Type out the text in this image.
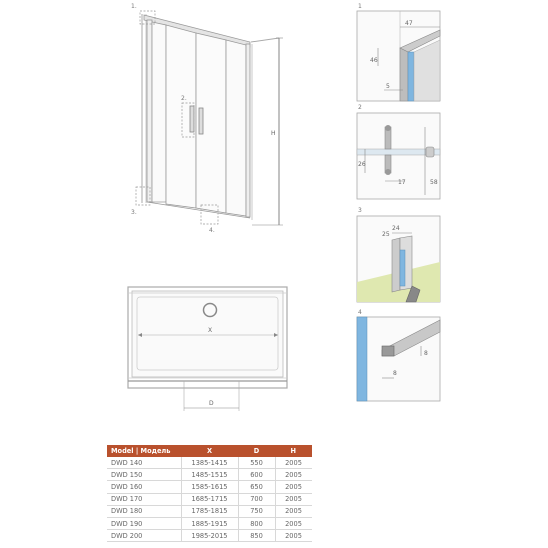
1.
2.
3.
4.
H
X
D
1
47
46
5
2
26
17	58
3
25
24
4
8
8
Model | Модель	X	D	H
DWD 140	1385-1415	550	2005
DWD 150	1485-1515	600	2005
DWD 160	1585-1615	650	2005
DWD 170	1685-1715	700	2005
DWD 180	1785-1815	750	2005
DWD 190	1885-1915	800	2005
DWD 200	1985-2015	850	2005
